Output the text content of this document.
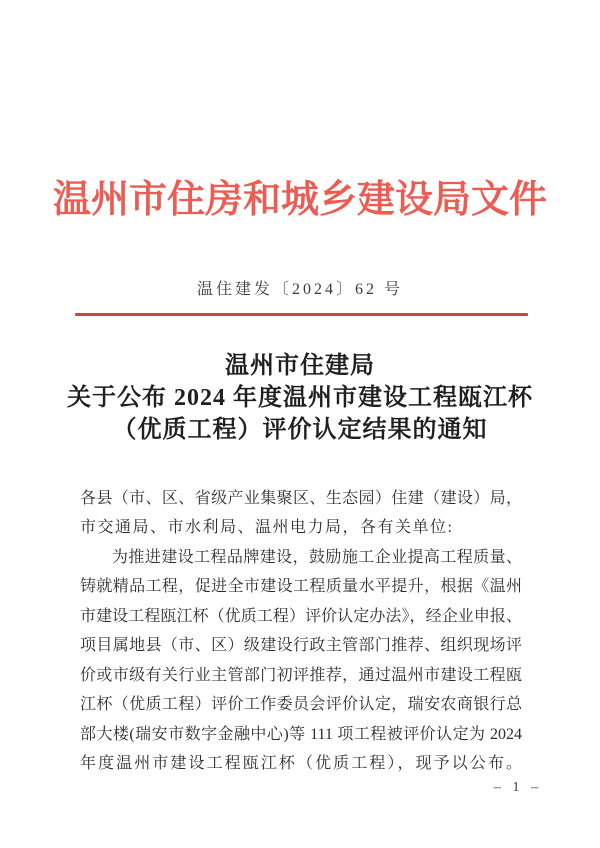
温州市住房和城乡建设局文件
温住建发〔2024〕62 号
温州市住建局
关于公布 2024 年度温州市建设工程瓯江杯
（优质工程）评价认定结果的通知
各县（市、区、省级产业集聚区、生态园）住建（建设）局，
市交通局、市水利局、温州电力局，各有关单位:
为推进建设工程品牌建设，鼓励施工企业提高工程质量、
铸就精品工程，促进全市建设工程质量水平提升，根据《温州
市建设工程瓯江杯（优质工程）评价认定办法》，经企业申报、
项目属地县（市、区）级建设行政主管部门推荐、组织现场评
价或市级有关行业主管部门初评推荐，通过温州市建设工程瓯
江杯（优质工程）评价工作委员会评价认定，瑞安农商银行总
部大楼(瑞安市数字金融中心)等 111 项工程被评价认定为 2024
年度温州市建设工程瓯江杯（优质工程），现予以公布。
– 1 –
